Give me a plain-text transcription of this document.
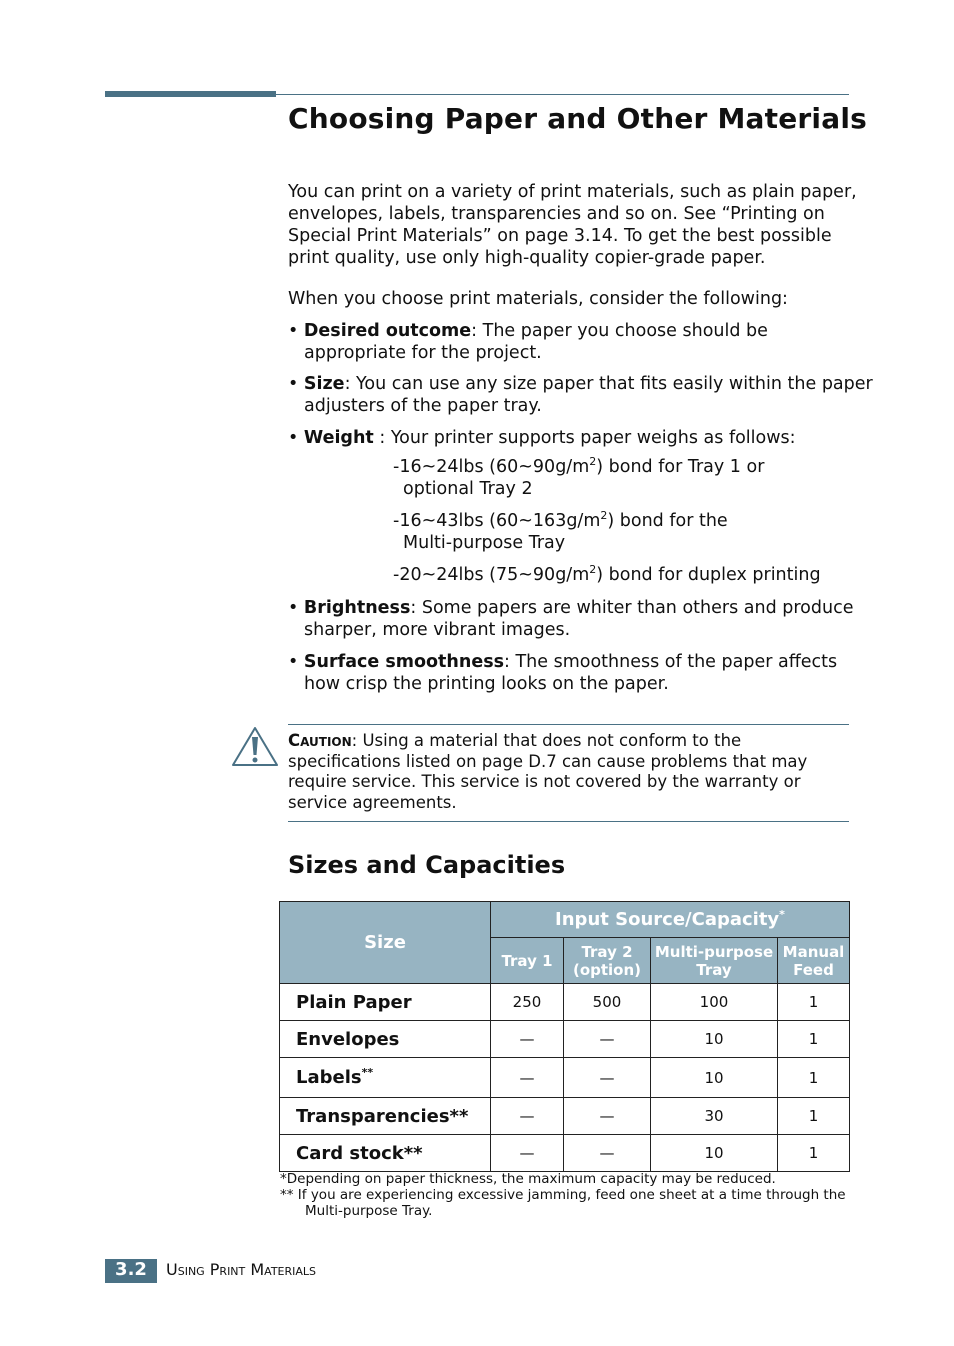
Choosing Paper and Other Materials

You can print on a variety of print materials, such as plain paper, envelopes, labels, transparencies and so on. See “Printing on Special Print Materials” on page 3.14. To get the best possible print quality, use only high-quality copier-grade paper.

When you choose print materials, consider the following:

• Desired outcome: The paper you choose should be appropriate for the project.
• Size: You can use any size paper that fits easily within the paper adjusters of the paper tray.
• Weight : Your printer supports paper weighs as follows:
-16~24lbs $(60\sim 90g/m^2)$ bond for Tray 1 or
optional Tray 2
-16~43lbs $(60\sim 163g/m^2)$ bond for the
Multi-purpose Tray
-20~24lbs $(75\sim 90g/m^2)$ bond for duplex printing
• Brightness: Some papers are whiter than others and produce sharper, more vibrant images.
• Surface smoothness: The smoothness of the paper affects how crisp the printing looks on the paper.
Caution: Using a material that does not conform to the specifications listed on page D.7 can cause problems that may require service. This service is not covered by the warranty or service agreements.
Sizes and Capacities
Size	Input Source/Capacity*
	Tray 1	Tray 2 (option)	Multi-purpose Tray	Manual Feed
Plain Paper	250	500	100	1
Envelopes	—	—	10	1
Labels**	—	—	10	1
Transparencies**	—	—	30	1
Card stock**	—	—	10	1
*Depending on paper thickness, the maximum capacity may be reduced.
** If you are experiencing excessive jamming, feed one sheet at a time through the
Multi-purpose Tray.
3.2	Using Print Materials
